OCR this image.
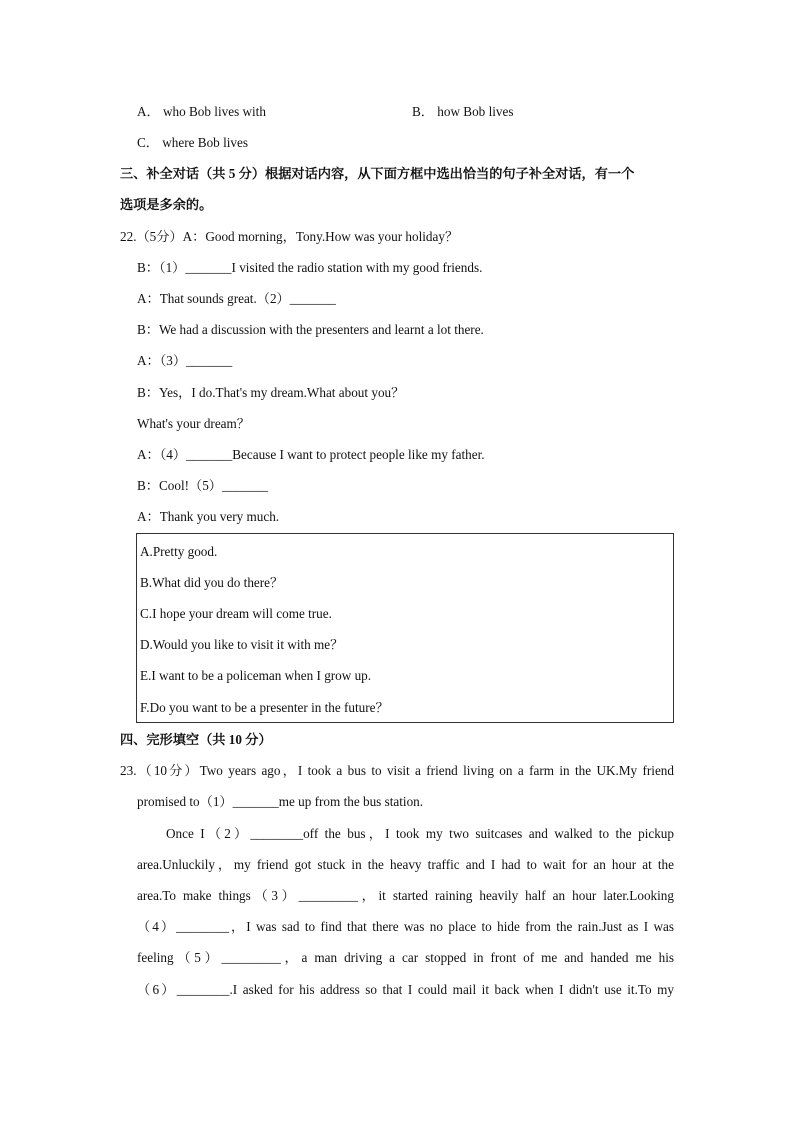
A． who Bob lives with	B． how Bob lives
C． where Bob lives
三、补全对话（共 5 分）根据对话内容，从下面方框中选出恰当的句子补全对话，有一个
选项是多余的。
22.（5分）A：Good morning，Tony.How was your holiday？
B：（1）_______I visited the radio station with my good friends.
A：That sounds great.（2）_______
B：We had a discussion with the presenters and learnt a lot there.
A：（3）_______
B：Yes，I do.That's my dream.What about you？
What's your dream？
A：（4）_______Because I want to protect people like my father.
B：Cool!（5）_______
A：Thank you very much.
A.Pretty good.
B.What did you do there？
C.I hope your dream will come true.
D.Would you like to visit it with me？
E.I want to be a policeman when I grow up.
F.Do you want to be a presenter in the future？
四、完形填空（共 10 分）
23.（10分）Two years ago，I took a bus to visit a friend living on a farm in the UK.My friend
promised to（1）_______me up from the bus station.
Once I（2）________off the bus，I took my two suitcases and walked to the pickup
area.Unluckily，my friend got stuck in the heavy traffic and I had to wait for an hour at the
area.To make things（3）_________，it started raining heavily half an hour later.Looking
（4）________，I was sad to find that there was no place to hide from the rain.Just as I was
feeling（5）_________，a man driving a car stopped in front of me and handed me his
（6）________.I asked for his address so that I could mail it back when I didn't use it.To my
